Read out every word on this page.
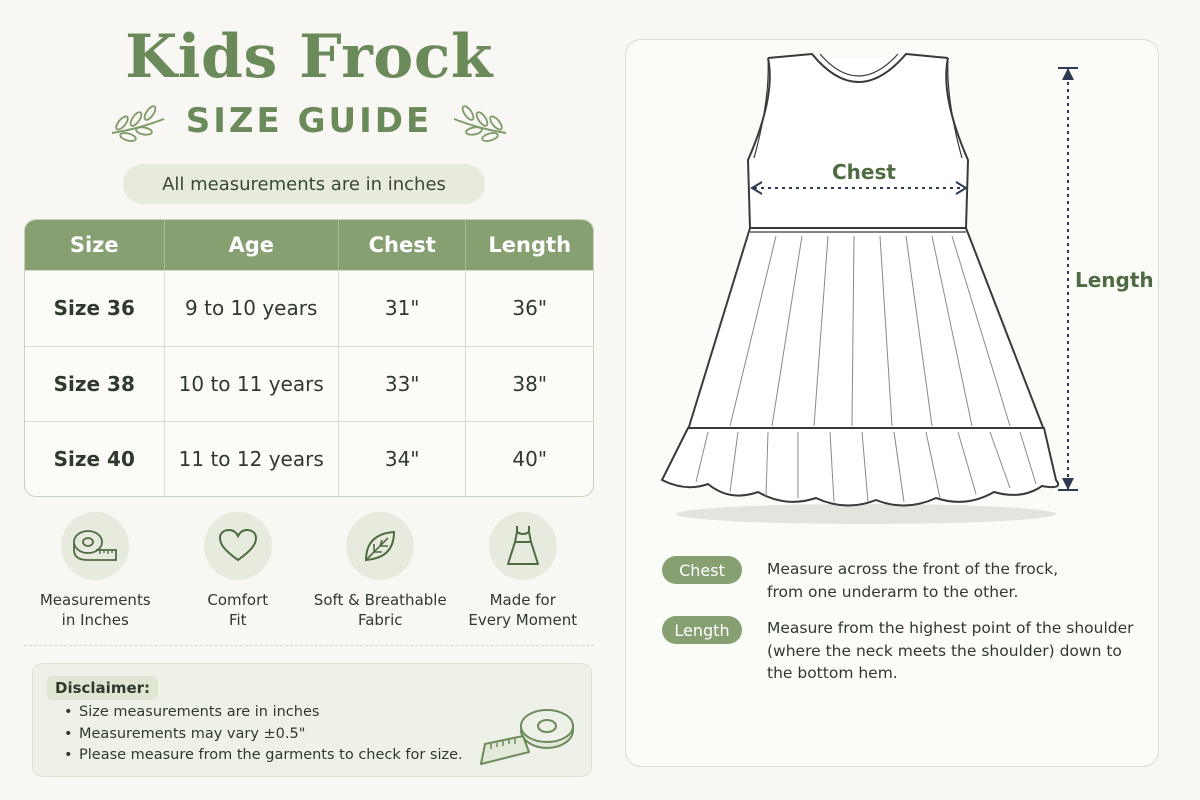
Kids Frock
SIZE GUIDE
All measurements are in inches
Size	Age	Chest	Length
Size 36	9 to 10 years	31"	36"
Size 38	10 to 11 years	33"	38"
Size 40	11 to 12 years	34"	40"
Measurements
in Inches
Comfort
Fit
Soft & Breathable
Fabric
Made for
Every Moment
Disclaimer:
• Size measurements are in inches
• Measurements may vary ±0.5"
• Please measure from the garments to check for size.
Chest
Length
Chest	Measure across the front of the frock,
from one underarm to the other.
Length	Measure from the highest point of the shoulder
(where the neck meets the shoulder) down to
the bottom hem.
